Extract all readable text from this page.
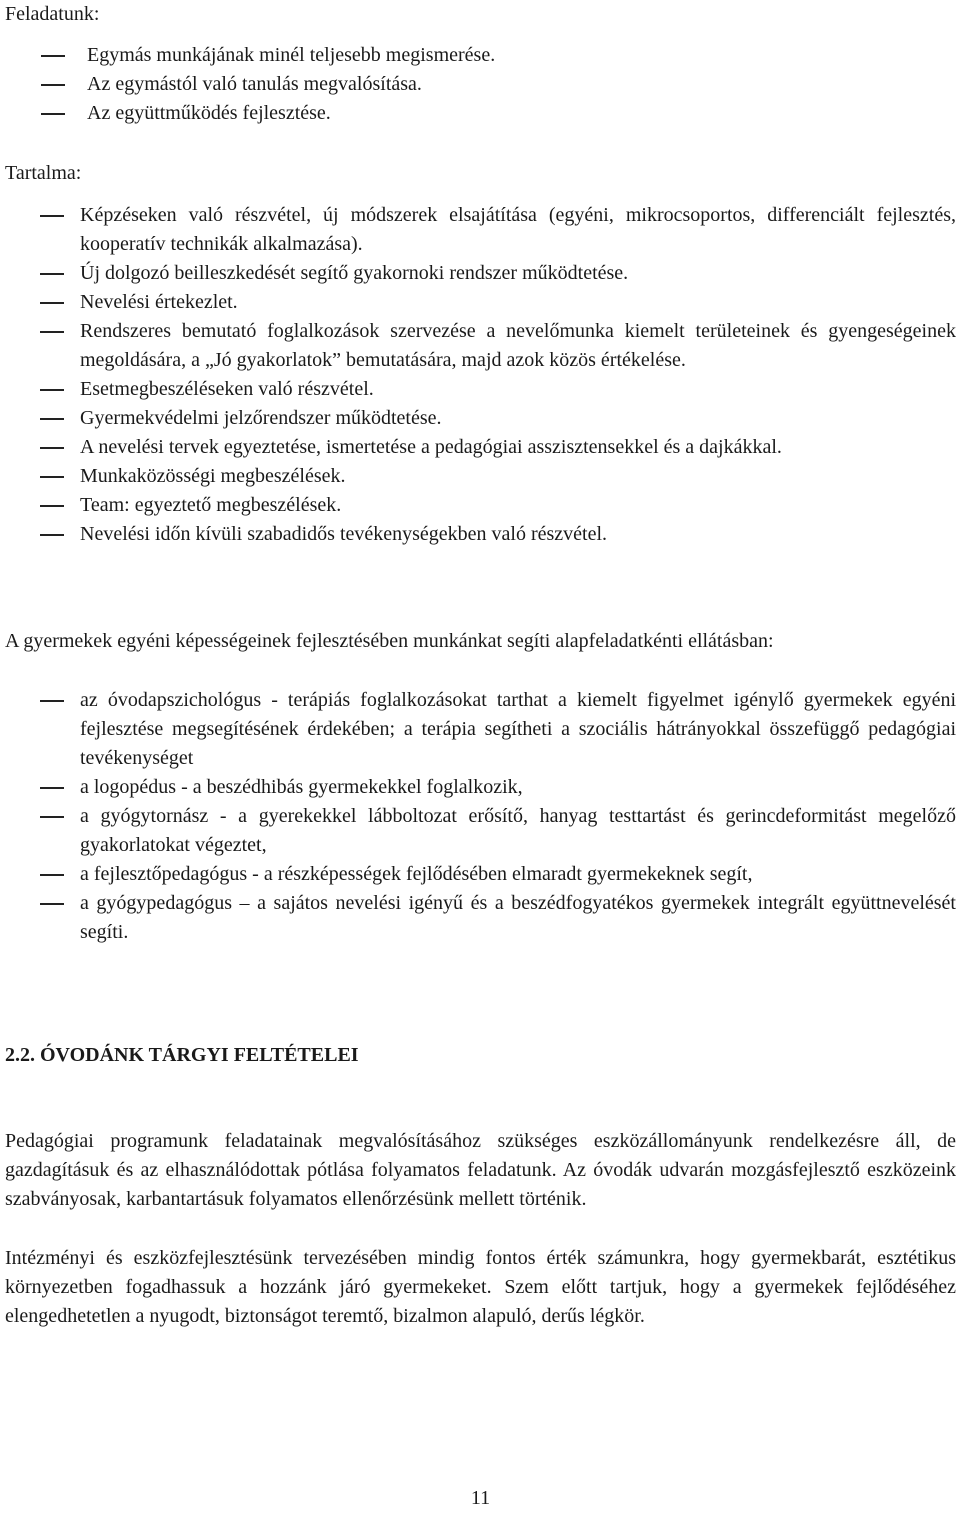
Feladatunk:

Egymás munkájának minél teljesebb megismerése.
Az egymástól való tanulás megvalósítása.
Az együttműködés fejlesztése.

Tartalma:

Képzéseken való részvétel, új módszerek elsajátítása (egyéni, mikrocsoportos, differenciált fejlesztés, kooperatív technikák alkalmazása).
Új dolgozó beilleszkedését segítő gyakornoki rendszer működtetése.
Nevelési értekezlet.
Rendszeres bemutató foglalkozások szervezése a nevelőmunka kiemelt területeinek és gyengeségeinek megoldására, a „Jó gyakorlatok” bemutatására, majd azok közös értékelése.
Esetmegbeszéléseken való részvétel.
Gyermekvédelmi jelzőrendszer működtetése.
A nevelési tervek egyeztetése, ismertetése a pedagógiai asszisztensekkel és a dajkákkal.
Munkaközösségi megbeszélések.
Team: egyeztető megbeszélések.
Nevelési időn kívüli szabadidős tevékenységekben való részvétel.

A gyermekek egyéni képességeinek fejlesztésében munkánkat segíti alapfeladatkénti ellátásban:

az óvodapszichológus - terápiás foglalkozásokat tarthat a kiemelt figyelmet igénylő gyermekek egyéni fejlesztése megsegítésének érdekében; a terápia segítheti a szociális hátrányokkal összefüggő pedagógiai tevékenységet
a logopédus - a beszédhibás gyermekekkel foglalkozik,
a gyógytornász - a gyerekekkel lábboltozat erősítő, hanyag testtartást és gerincdeformitást megelőző gyakorlatokat végeztet,
a fejlesztőpedagógus - a részképességek fejlődésében elmaradt gyermekeknek segít,
a gyógypedagógus – a sajátos nevelési igényű és a beszédfogyatékos gyermekek integrált együttnevelését segíti.
2.2. ÓVODÁNK TÁRGYI FELTÉTELEI

Pedagógiai programunk feladatainak megvalósításához szükséges eszközállományunk rendelkezésre áll, de gazdagításuk és az elhasználódottak pótlása folyamatos feladatunk. Az óvodák udvarán mozgásfejlesztő eszközeink szabványosak, karbantartásuk folyamatos ellenőrzésünk mellett történik.

Intézményi és eszközfejlesztésünk tervezésében mindig fontos érték számunkra, hogy gyermekbarát, esztétikus környezetben fogadhassuk a hozzánk járó gyermekeket. Szem előtt tartjuk, hogy a gyermekek fejlődéséhez elengedhetetlen a nyugodt, biztonságot teremtő, bizalmon alapuló, derűs légkör.

11
